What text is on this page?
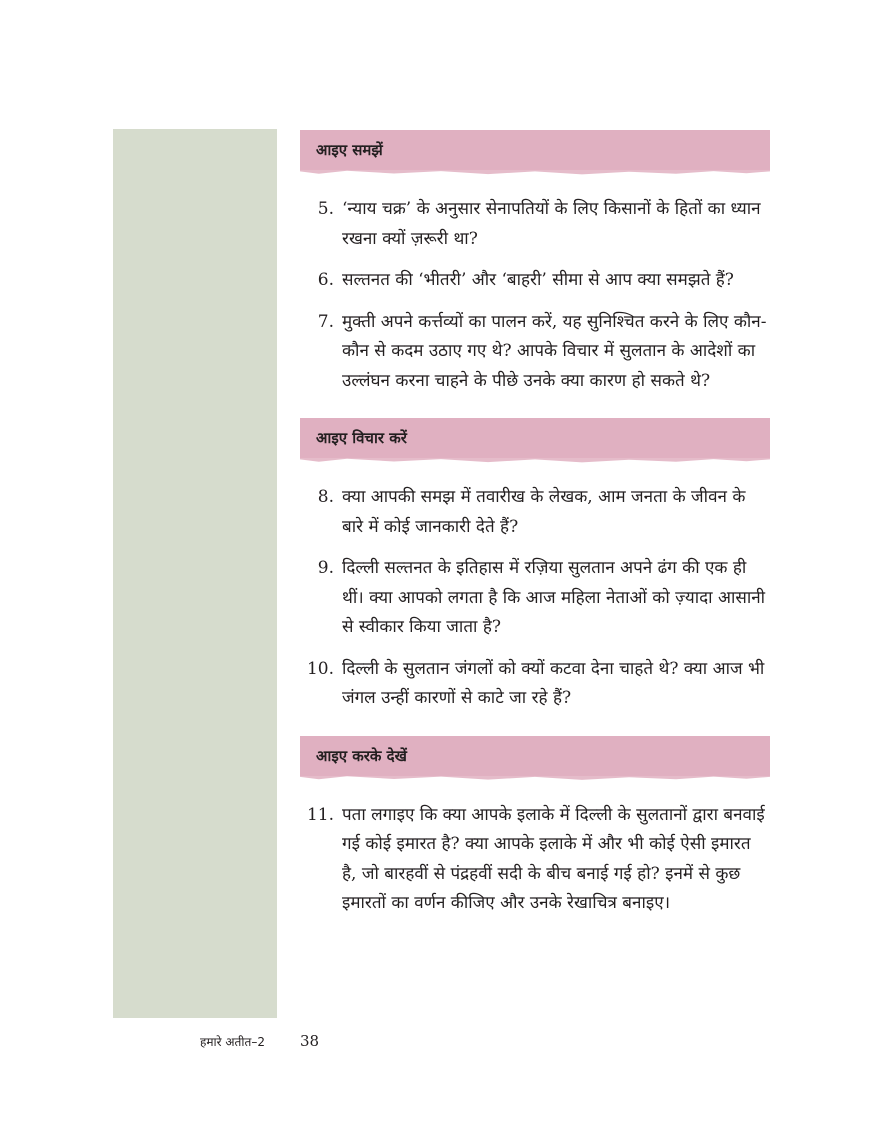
आइए समझें
5. ‘न्याय चक्र’ के अनुसार सेनापतियों के लिए किसानों के हितों का ध्यान रखना क्यों ज़रूरी था?
6. सल्तनत की ‘भीतरी’ और ‘बाहरी’ सीमा से आप क्या समझते हैं?
7. मुक्ती अपने कर्त्तव्यों का पालन करें, यह सुनिश्चित करने के लिए कौन-कौन से कदम उठाए गए थे? आपके विचार में सुलतान के आदेशों का उल्लंघन करना चाहने के पीछे उनके क्या कारण हो सकते थे?
आइए विचार करें
8. क्या आपकी समझ में तवारीख के लेखक, आम जनता के जीवन के बारे में कोई जानकारी देते हैं?
9. दिल्ली सल्तनत के इतिहास में रज़िया सुलतान अपने ढंग की एक ही थीं। क्या आपको लगता है कि आज महिला नेताओं को ज़्यादा आसानी से स्वीकार किया जाता है?
10. दिल्ली के सुलतान जंगलों को क्यों कटवा देना चाहते थे? क्या आज भी जंगल उन्हीं कारणों से काटे जा रहे हैं?
आइए करके देखें
11. पता लगाइए कि क्या आपके इलाके में दिल्ली के सुलतानों द्वारा बनवाई गई कोई इमारत है? क्या आपके इलाके में और भी कोई ऐसी इमारत है, जो बारहवीं से पंद्रहवीं सदी के बीच बनाई गई हो? इनमें से कुछ इमारतों का वर्णन कीजिए और उनके रेखाचित्र बनाइए।
हमारे अतीत–2 38
